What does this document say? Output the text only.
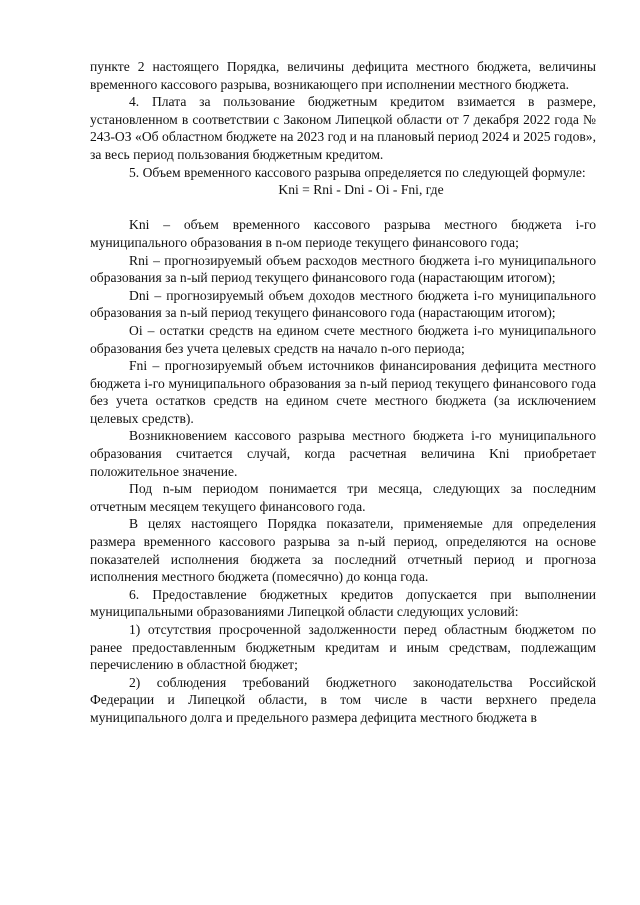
пункте 2 настоящего Порядка, величины дефицита местного бюджета, величины временного кассового разрыва, возникающего при исполнении местного бюджета.

4. Плата за пользование бюджетным кредитом взимается в размере, установленном в соответствии с Законом Липецкой области от 7 декабря 2022 года № 243-ОЗ «Об областном бюджете на 2023 год и на плановый период 2024 и 2025 годов», за весь период пользования бюджетным кредитом.

5. Объем временного кассового разрыва определяется по следующей формуле:

Kni = Rni - Dni - Oi - Fni, где

Kni – объем временного кассового разрыва местного бюджета i-го муниципального образования в n-ом периоде текущего финансового года;

Rni – прогнозируемый объем расходов местного бюджета i-го муниципального образования за n-ый период текущего финансового года (нарастающим итогом);

Dni – прогнозируемый объем доходов местного бюджета i-го муниципального образования за n-ый период текущего финансового года (нарастающим итогом);

Oi – остатки средств на едином счете местного бюджета i-го муниципального образования без учета целевых средств на начало n-ого периода;

Fni – прогнозируемый объем источников финансирования дефицита местного бюджета i-го муниципального образования за n-ый период текущего финансового года без учета остатков средств на едином счете местного бюджета (за исключением целевых средств).

Возникновением кассового разрыва местного бюджета i-го муниципального образования считается случай, когда расчетная величина Kni приобретает положительное значение.

Под n-ым периодом понимается три месяца, следующих за последним отчетным месяцем текущего финансового года.

В целях настоящего Порядка показатели, применяемые для определения размера временного кассового разрыва за n-ый период, определяются на основе показателей исполнения бюджета за последний отчетный период и прогноза исполнения местного бюджета (помесячно) до конца года.

6. Предоставление бюджетных кредитов допускается при выполнении муниципальными образованиями Липецкой области следующих условий:

1) отсутствия просроченной задолженности перед областным бюджетом по ранее предоставленным бюджетным кредитам и иным средствам, подлежащим перечислению в областной бюджет;

2) соблюдения требований бюджетного законодательства Российской Федерации и Липецкой области, в том числе в части верхнего предела муниципального долга и предельного размера дефицита местного бюджета в
